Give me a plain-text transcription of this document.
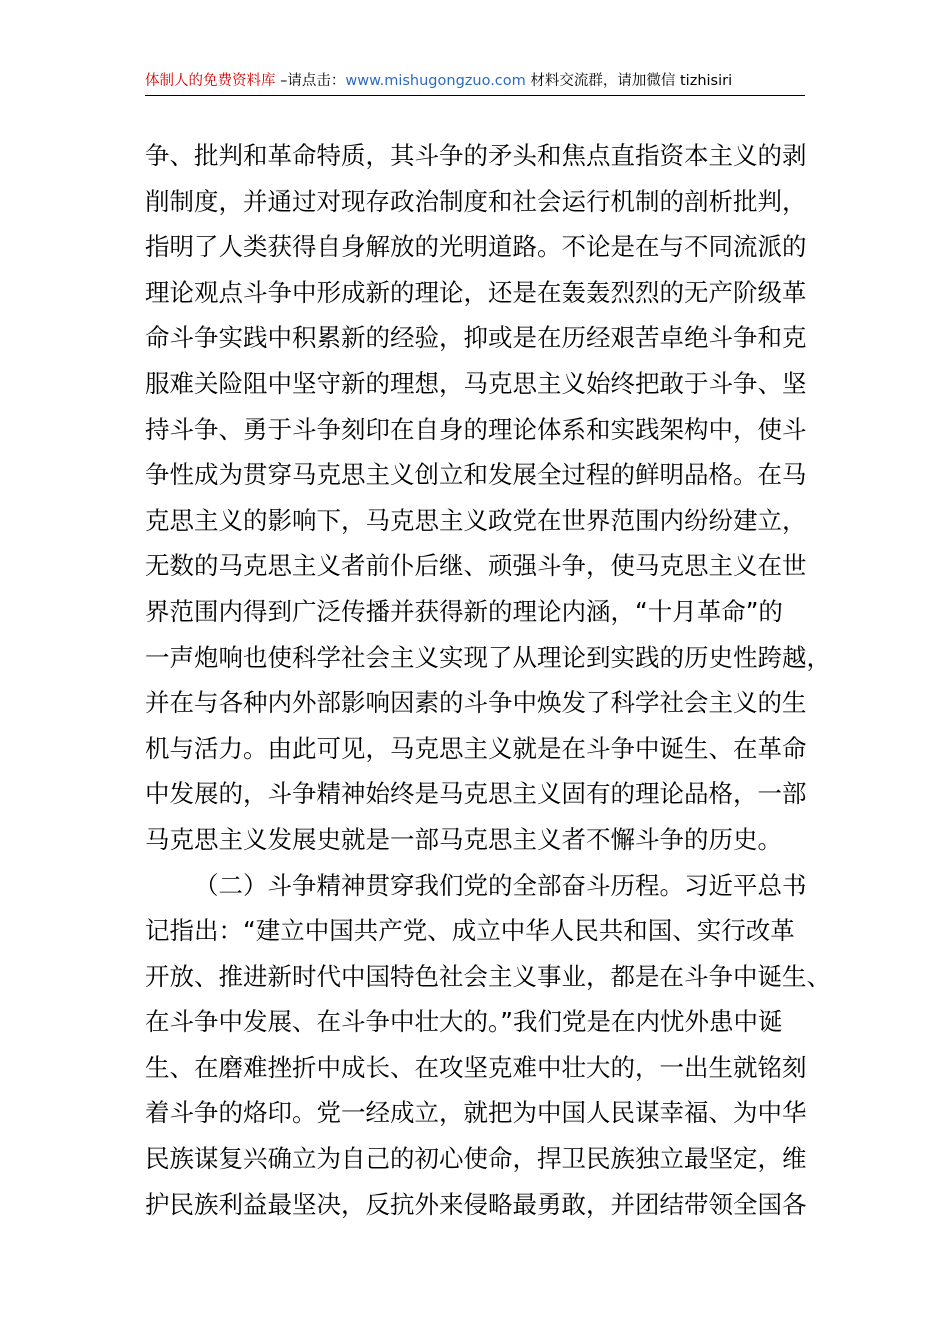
体制人的免费资料库 –请点击：www.mishugongzuo.com 材料交流群，请加微信 tizhisiri
争、批判和革命特质，其斗争的矛头和焦点直指资本主义的剥
削制度，并通过对现存政治制度和社会运行机制的剖析批判，
指明了人类获得自身解放的光明道路。不论是在与不同流派的
理论观点斗争中形成新的理论，还是在轰轰烈烈的无产阶级革
命斗争实践中积累新的经验，抑或是在历经艰苦卓绝斗争和克
服难关险阻中坚守新的理想，马克思主义始终把敢于斗争、坚
持斗争、勇于斗争刻印在自身的理论体系和实践架构中，使斗
争性成为贯穿马克思主义创立和发展全过程的鲜明品格。在马
克思主义的影响下，马克思主义政党在世界范围内纷纷建立，
无数的马克思主义者前仆后继、顽强斗争，使马克思主义在世
界范围内得到广泛传播并获得新的理论内涵，“十月革命”的
一声炮响也使科学社会主义实现了从理论到实践的历史性跨越，
并在与各种内外部影响因素的斗争中焕发了科学社会主义的生
机与活力。由此可见，马克思主义就是在斗争中诞生、在革命
中发展的，斗争精神始终是马克思主义固有的理论品格，一部
马克思主义发展史就是一部马克思主义者不懈斗争的历史。
（二）斗争精神贯穿我们党的全部奋斗历程。习近平总书
记指出：“建立中国共产党、成立中华人民共和国、实行改革
开放、推进新时代中国特色社会主义事业，都是在斗争中诞生、
在斗争中发展、在斗争中壮大的。”我们党是在内忧外患中诞
生、在磨难挫折中成长、在攻坚克难中壮大的，一出生就铭刻
着斗争的烙印。党一经成立，就把为中国人民谋幸福、为中华
民族谋复兴确立为自己的初心使命，捍卫民族独立最坚定，维
护民族利益最坚决，反抗外来侵略最勇敢，并团结带领全国各
